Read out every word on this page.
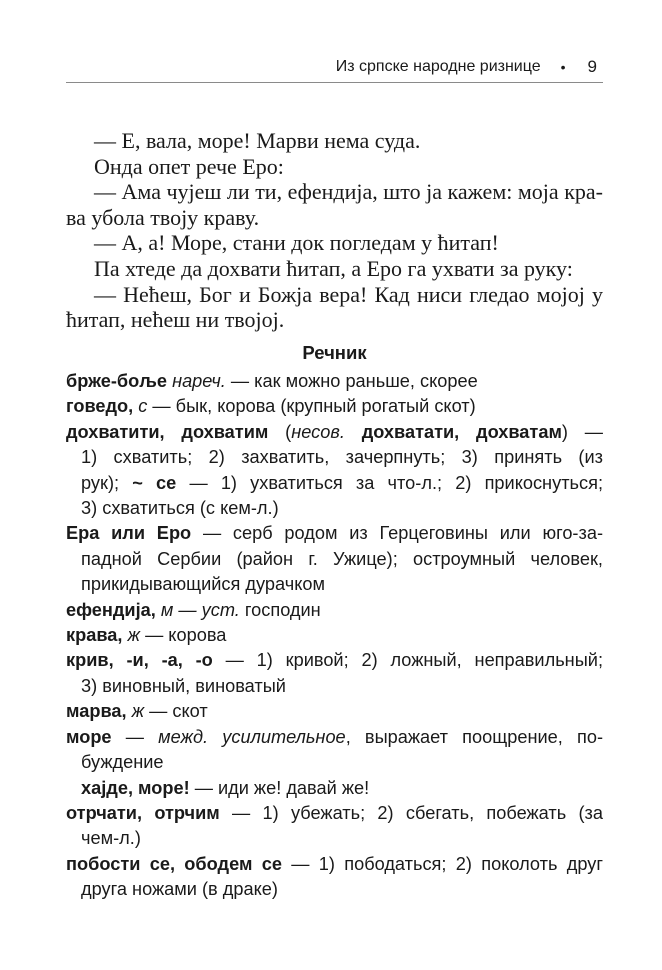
Из српске народне ризнице • 9
— Е, вала, море! Марви нема суда.
Онда опет рече Еро:
— Ама чујеш ли ти, ефендија, што ја кажем: моја кра-
ва убола твоју краву.
— А, а! Море, стани док погледам у ћитап!
Па хтеде да дохвати ћитап, а Еро га ухвати за руку:
— Нећеш, Бог и Божја вера! Кад ниси гледао мојој у
ћитап, нећеш ни твојој.
Речник
брже-боље нареч. — как можно раньше, скорее
говедо, с — бык, корова (крупный рогатый скот)
дохватити, дохватим (несов. дохватати, дохватам) —
1) схватить; 2) захватить, зачерпнуть; 3) принять (из
рук); ~ се — 1) ухватиться за что-л.; 2) прикоснуться;
3) схватиться (с кем-л.)
Ера или Еро — серб родом из Герцеговины или юго-за-
падной Сербии (район г. Ужице); остроумный человек,
прикидывающийся дурачком
ефендија, м — уст. господин
крава, ж — корова
крив, -и, -а, -о — 1) кривой; 2) ложный, неправильный;
3) виновный, виноватый
марва, ж — скот
море — межд. усилительное, выражает поощрение, по-
буждение
хајде, море! — иди же! давай же!
отрчати, отрчим — 1) убежать; 2) сбегать, побежать (за
чем-л.)
побости се, ободем се — 1) пободаться; 2) поколоть друг
друга ножами (в драке)
